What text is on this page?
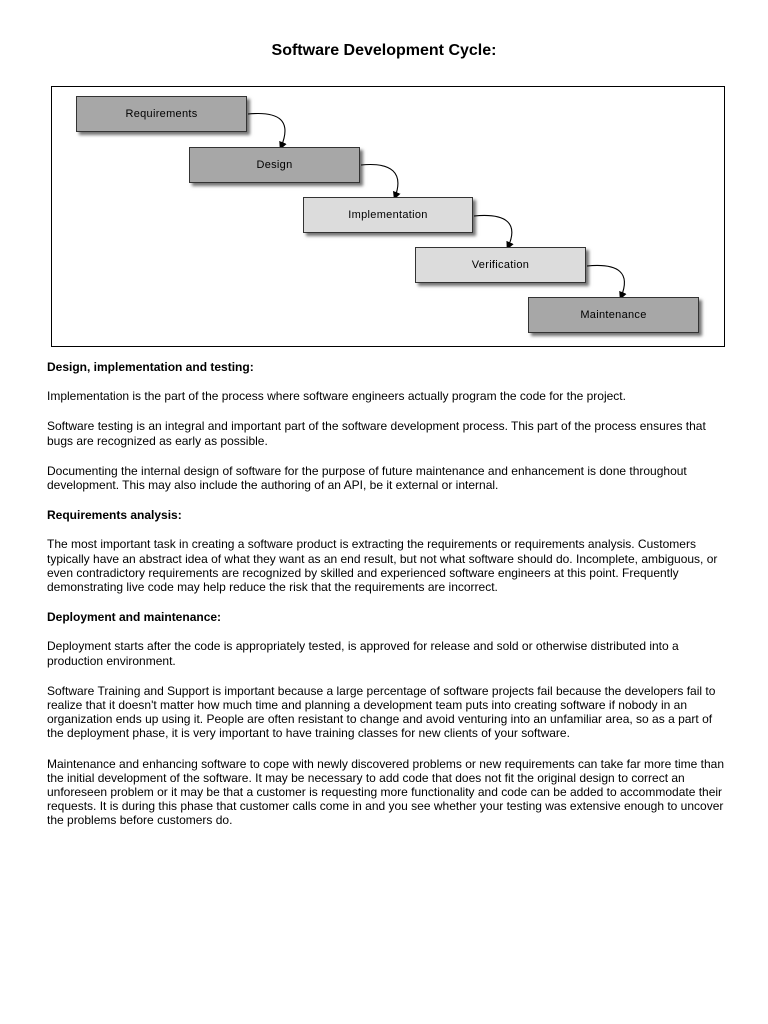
Software Development Cycle:
Requirements
Design
Implementation
Verification
Maintenance
Design, implementation and testing:

Implementation is the part of the process where software engineers actually program the code for the project.

Software testing is an integral and important part of the software development process. This part of the process ensures that bugs are recognized as early as possible.

Documenting the internal design of software for the purpose of future maintenance and enhancement is done throughout development. This may also include the authoring of an API, be it external or internal.

Requirements analysis:

The most important task in creating a software product is extracting the requirements or requirements analysis. Customers typically have an abstract idea of what they want as an end result, but not what software should do. Incomplete, ambiguous, or even contradictory requirements are recognized by skilled and experienced software engineers at this point. Frequently demonstrating live code may help reduce the risk that the requirements are incorrect.

Deployment and maintenance:

Deployment starts after the code is appropriately tested, is approved for release and sold or otherwise distributed into a production environment.

Software Training and Support is important because a large percentage of software projects fail because the developers fail to realize that it doesn't matter how much time and planning a development team puts into creating software if nobody in an organization ends up using it. People are often resistant to change and avoid venturing into an unfamiliar area, so as a part of the deployment phase, it is very important to have training classes for new clients of your software.

Maintenance and enhancing software to cope with newly discovered problems or new requirements can take far more time than the initial development of the software. It may be necessary to add code that does not fit the original design to correct an unforeseen problem or it may be that a customer is requesting more functionality and code can be added to accommodate their requests. It is during this phase that customer calls come in and you see whether your testing was extensive enough to uncover the problems before customers do.
